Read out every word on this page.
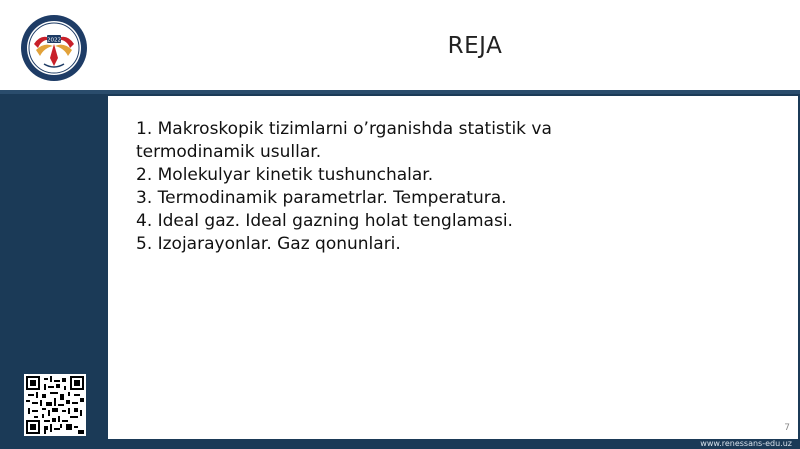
2022	REJA
1. Makroskopik tizimlarni o’rganishda statistik va termodinamik usullar.
2. Molekulyar kinetik tushunchalar.
3. Termodinamik parametrlar. Temperatura.
4. Ideal gaz. Ideal gazning holat tenglamasi.
5. Izojarayonlar. Gaz qonunlari.
7
www.renessans-edu.uz
